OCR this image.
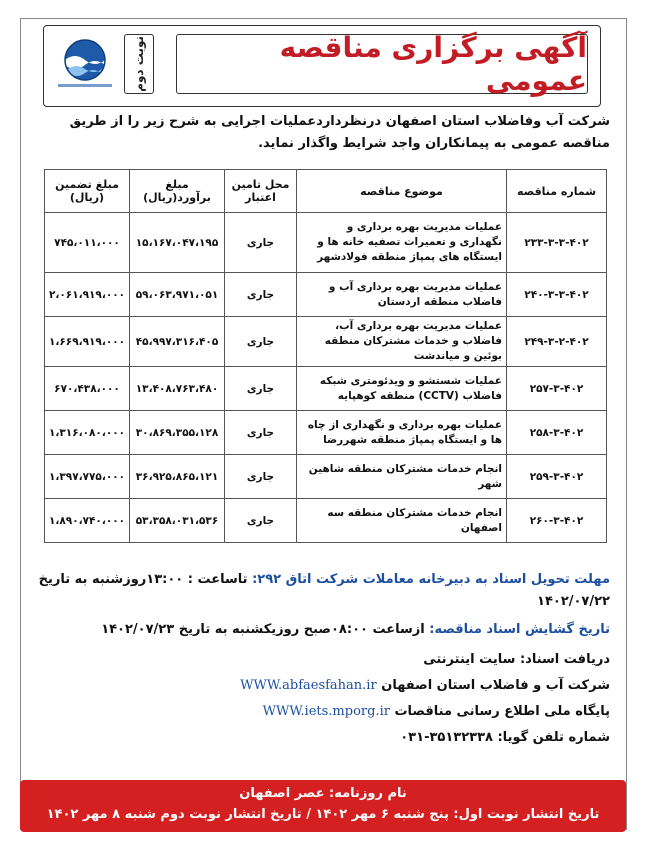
آگهی برگزاری مناقصه عمومی
نوبت دوم
شرکت آب وفاضلاب استان اصفهان درنظرداردعملیات اجرایی به شرح زیر را از طریق مناقصه عمومی به پیمانکاران واجد شرایط واگذار نماید.
شماره مناقصه	موضوع مناقصه	محل تامین اعتبار	مبلغ برآورد(ریال)	مبلغ تضمین (ریال)
۲۳۳-۳-۳-۴۰۲	عملیات مدیریت بهره برداری و نگهداری و تعمیرات تصفیه خانه ها و ایستگاه های پمپاژ منطقه فولادشهر	جاری	۱۵،۱۶۷،۰۴۷،۱۹۵	۷۴۵،۰۱۱،۰۰۰
۲۴۰-۳-۳-۴۰۲	عملیات مدیریت بهره برداری آب و فاضلاب منطقه اردستان	جاری	۵۹،۰۶۳،۹۷۱،۰۵۱	۲،۰۶۱،۹۱۹،۰۰۰
۲۴۹-۳-۲-۴۰۲	عملیات مدیریت بهره برداری آب، فاضلاب و خدمات مشترکان منطقه بوئین و میاندشت	جاری	۴۵،۹۹۷،۳۱۶،۴۰۵	۱،۶۶۹،۹۱۹،۰۰۰
۲۵۷-۳-۴۰۲	عملیات شستشو و ویدئومتری شبکه فاضلاب (CCTV) منطقه کوهپایه	جاری	۱۳،۴۰۸،۷۶۳،۴۸۰	۶۷۰،۴۳۸،۰۰۰
۲۵۸-۳-۴۰۲	عملیات بهره برداری و نگهداری از چاه ها و ایستگاه پمپاژ منطقه شهررضا	جاری	۳۰،۸۶۹،۳۵۵،۱۲۸	۱،۳۱۶،۰۸۰،۰۰۰
۲۵۹-۳-۴۰۲	انجام خدمات مشترکان منطقه شاهین شهر	جاری	۳۶،۹۲۵،۸۶۵،۱۲۱	۱،۳۹۷،۷۷۵،۰۰۰
۲۶۰-۳-۴۰۲	انجام خدمات مشترکان منطقه سه اصفهان	جاری	۵۳،۳۵۸،۰۳۱،۵۳۶	۱،۸۹۰،۷۴۰،۰۰۰
مهلت تحویل اسناد به دبیرخانه معاملات شرکت اتاق ۲۹۲: تاساعت : ۱۳:۰۰روزشنبه به تاریخ ۱۴۰۲/۰۷/۲۲
تاریخ گشایش اسناد مناقصه: ازساعت ۰۸:۰۰صبح روزیکشنبه به تاریخ ۱۴۰۲/۰۷/۲۳
دریافت اسناد: سایت اینترنتی
شرکت آب و فاضلاب استان اصفهان WWW.abfaesfahan.ir
پایگاه ملی اطلاع رسانی مناقصات WWW.iets.mporg.ir
شماره تلفن گویا: ۳۵۱۳۲۳۳۸-۰۳۱
نام روزنامه: عصر اصفهان
تاریخ انتشار نوبت اول: پنج شنبه ۶ مهر ۱۴۰۲ / تاریخ انتشار نوبت دوم شنبه ۸ مهر ۱۴۰۲
